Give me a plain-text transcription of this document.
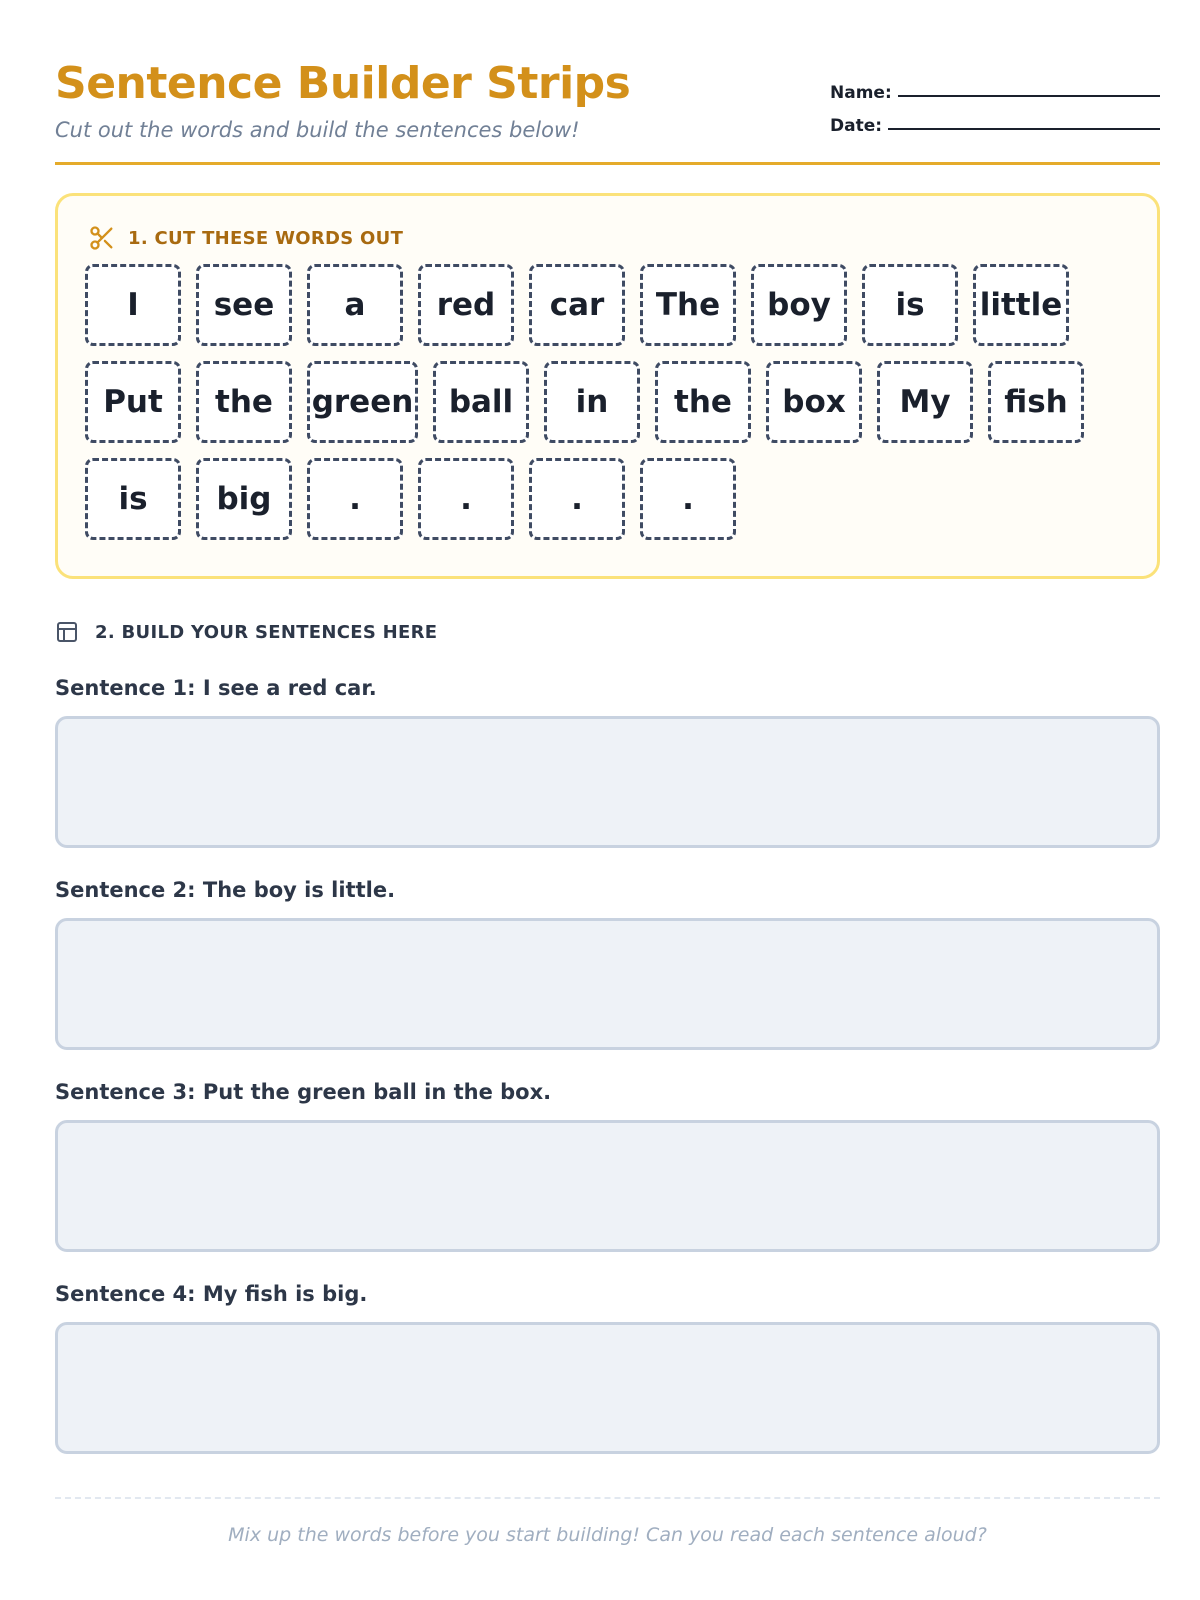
Sentence Builder Strips
Cut out the words and build the sentences below!
Name:
Date:
1. CUT THESE WORDS OUT
I	see	a	red	car	The	boy	is	little
Put	the	green	ball	in	the	box	My	fish
is	big	.	.	.	.
2. BUILD YOUR SENTENCES HERE
Sentence 1: I see a red car.
Sentence 2: The boy is little.
Sentence 3: Put the green ball in the box.
Sentence 4: My fish is big.
Mix up the words before you start building! Can you read each sentence aloud?
